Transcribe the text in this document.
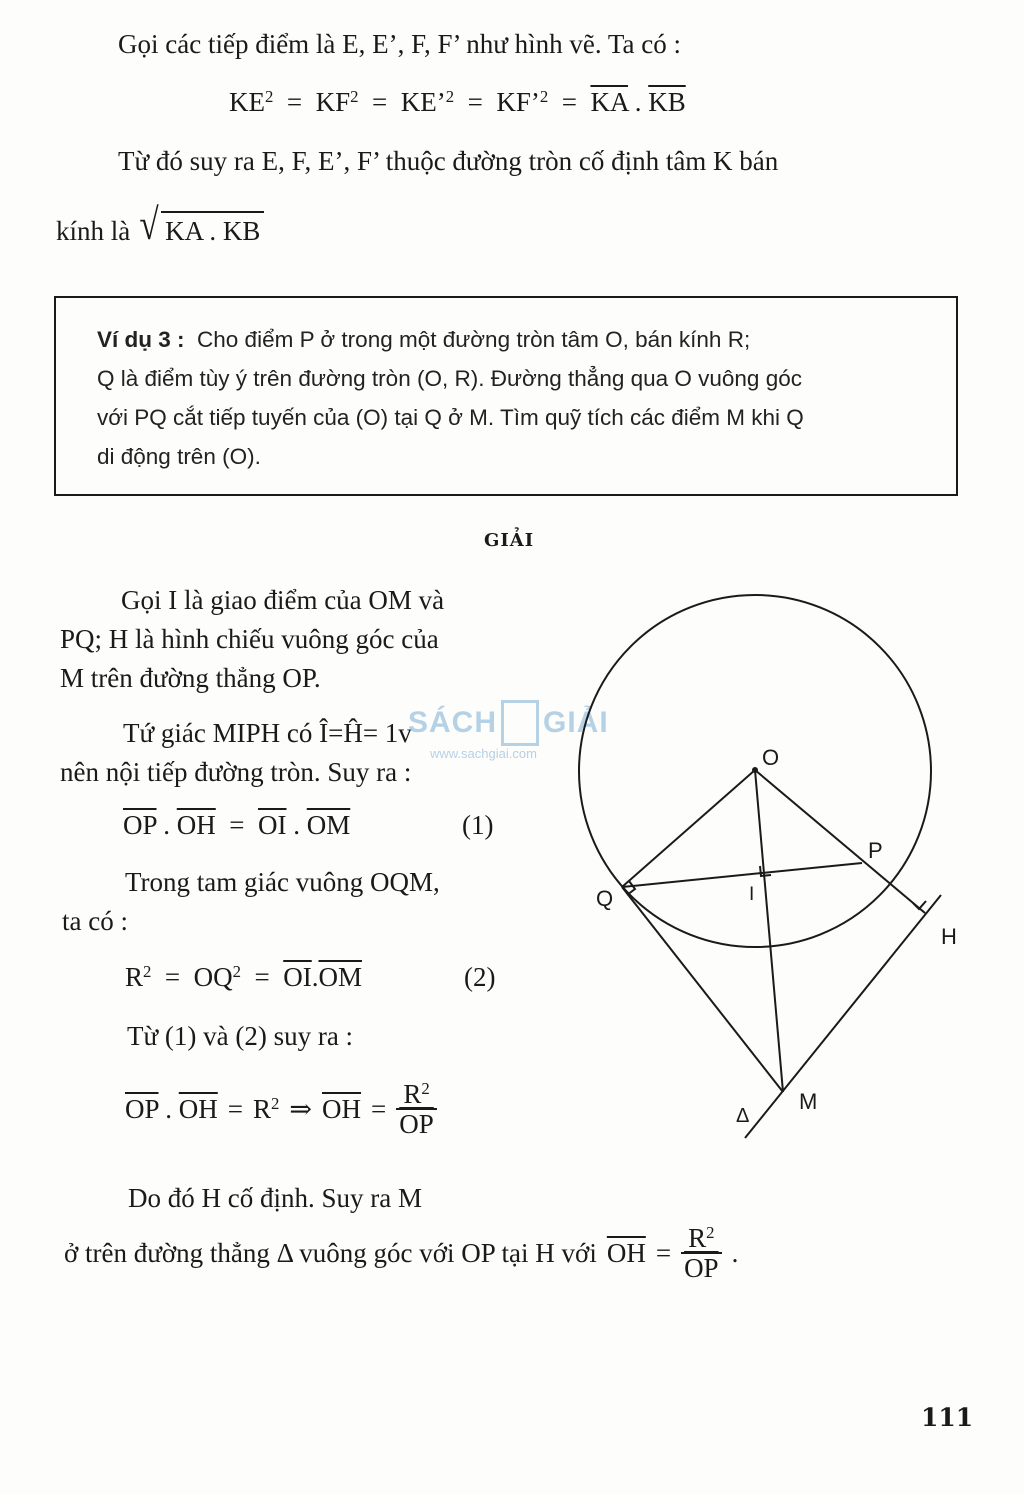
Gọi các tiếp điểm là E, E’, F, F’ như hình vẽ. Ta có :
$KE^2 = KF^2$ = KE’$^2$ = KF’$^2$ = $\overline{KA}$ . $\overline{KB}$
Từ đó suy ra E, F, E’, F’ thuộc đường tròn cố định tâm K bán
kính là
√ KA . KB
Ví dụ 3 : Cho điểm P ở trong một đường tròn tâm O, bán kính R;
Q là điểm tùy ý trên đường tròn (O, R). Đường thẳng qua O vuông góc
với PQ cắt tiếp tuyến của (O) tại Q ở M. Tìm quỹ tích các điểm M khi Q
di động trên (O).
GIẢI
Gọi I là giao điểm của OM và
PQ; H là hình chiếu vuông góc của
M trên đường thẳng OP.
Tứ giác MIPH có Î=Ĥ= 1v
nên nội tiếp đường tròn. Suy ra :
$\overline{OP}$ . $\overline{OH} = \overline{OI}$ . $\overline{OM}$	(1)
Trong tam giác vuông OQM,
ta có :
$R^2 = OQ^2 = \overline{OI}.\overline{OM}$	(2)
Từ (1) và (2) suy ra :
$\overline{OP}$ . $\overline{OH} = R^2$ ⇒ $\overline{OH} = \frac{R^2}{OP}$
Do đó H cố định. Suy ra M
ở trên đường thẳng Δ vuông góc với OP tại H với $\overline{OH} = \frac{R^2}{OP}$ .
SÁCH GIẢI
www.sachgiai.com	O
P
Q	I
H
M
Δ
111
